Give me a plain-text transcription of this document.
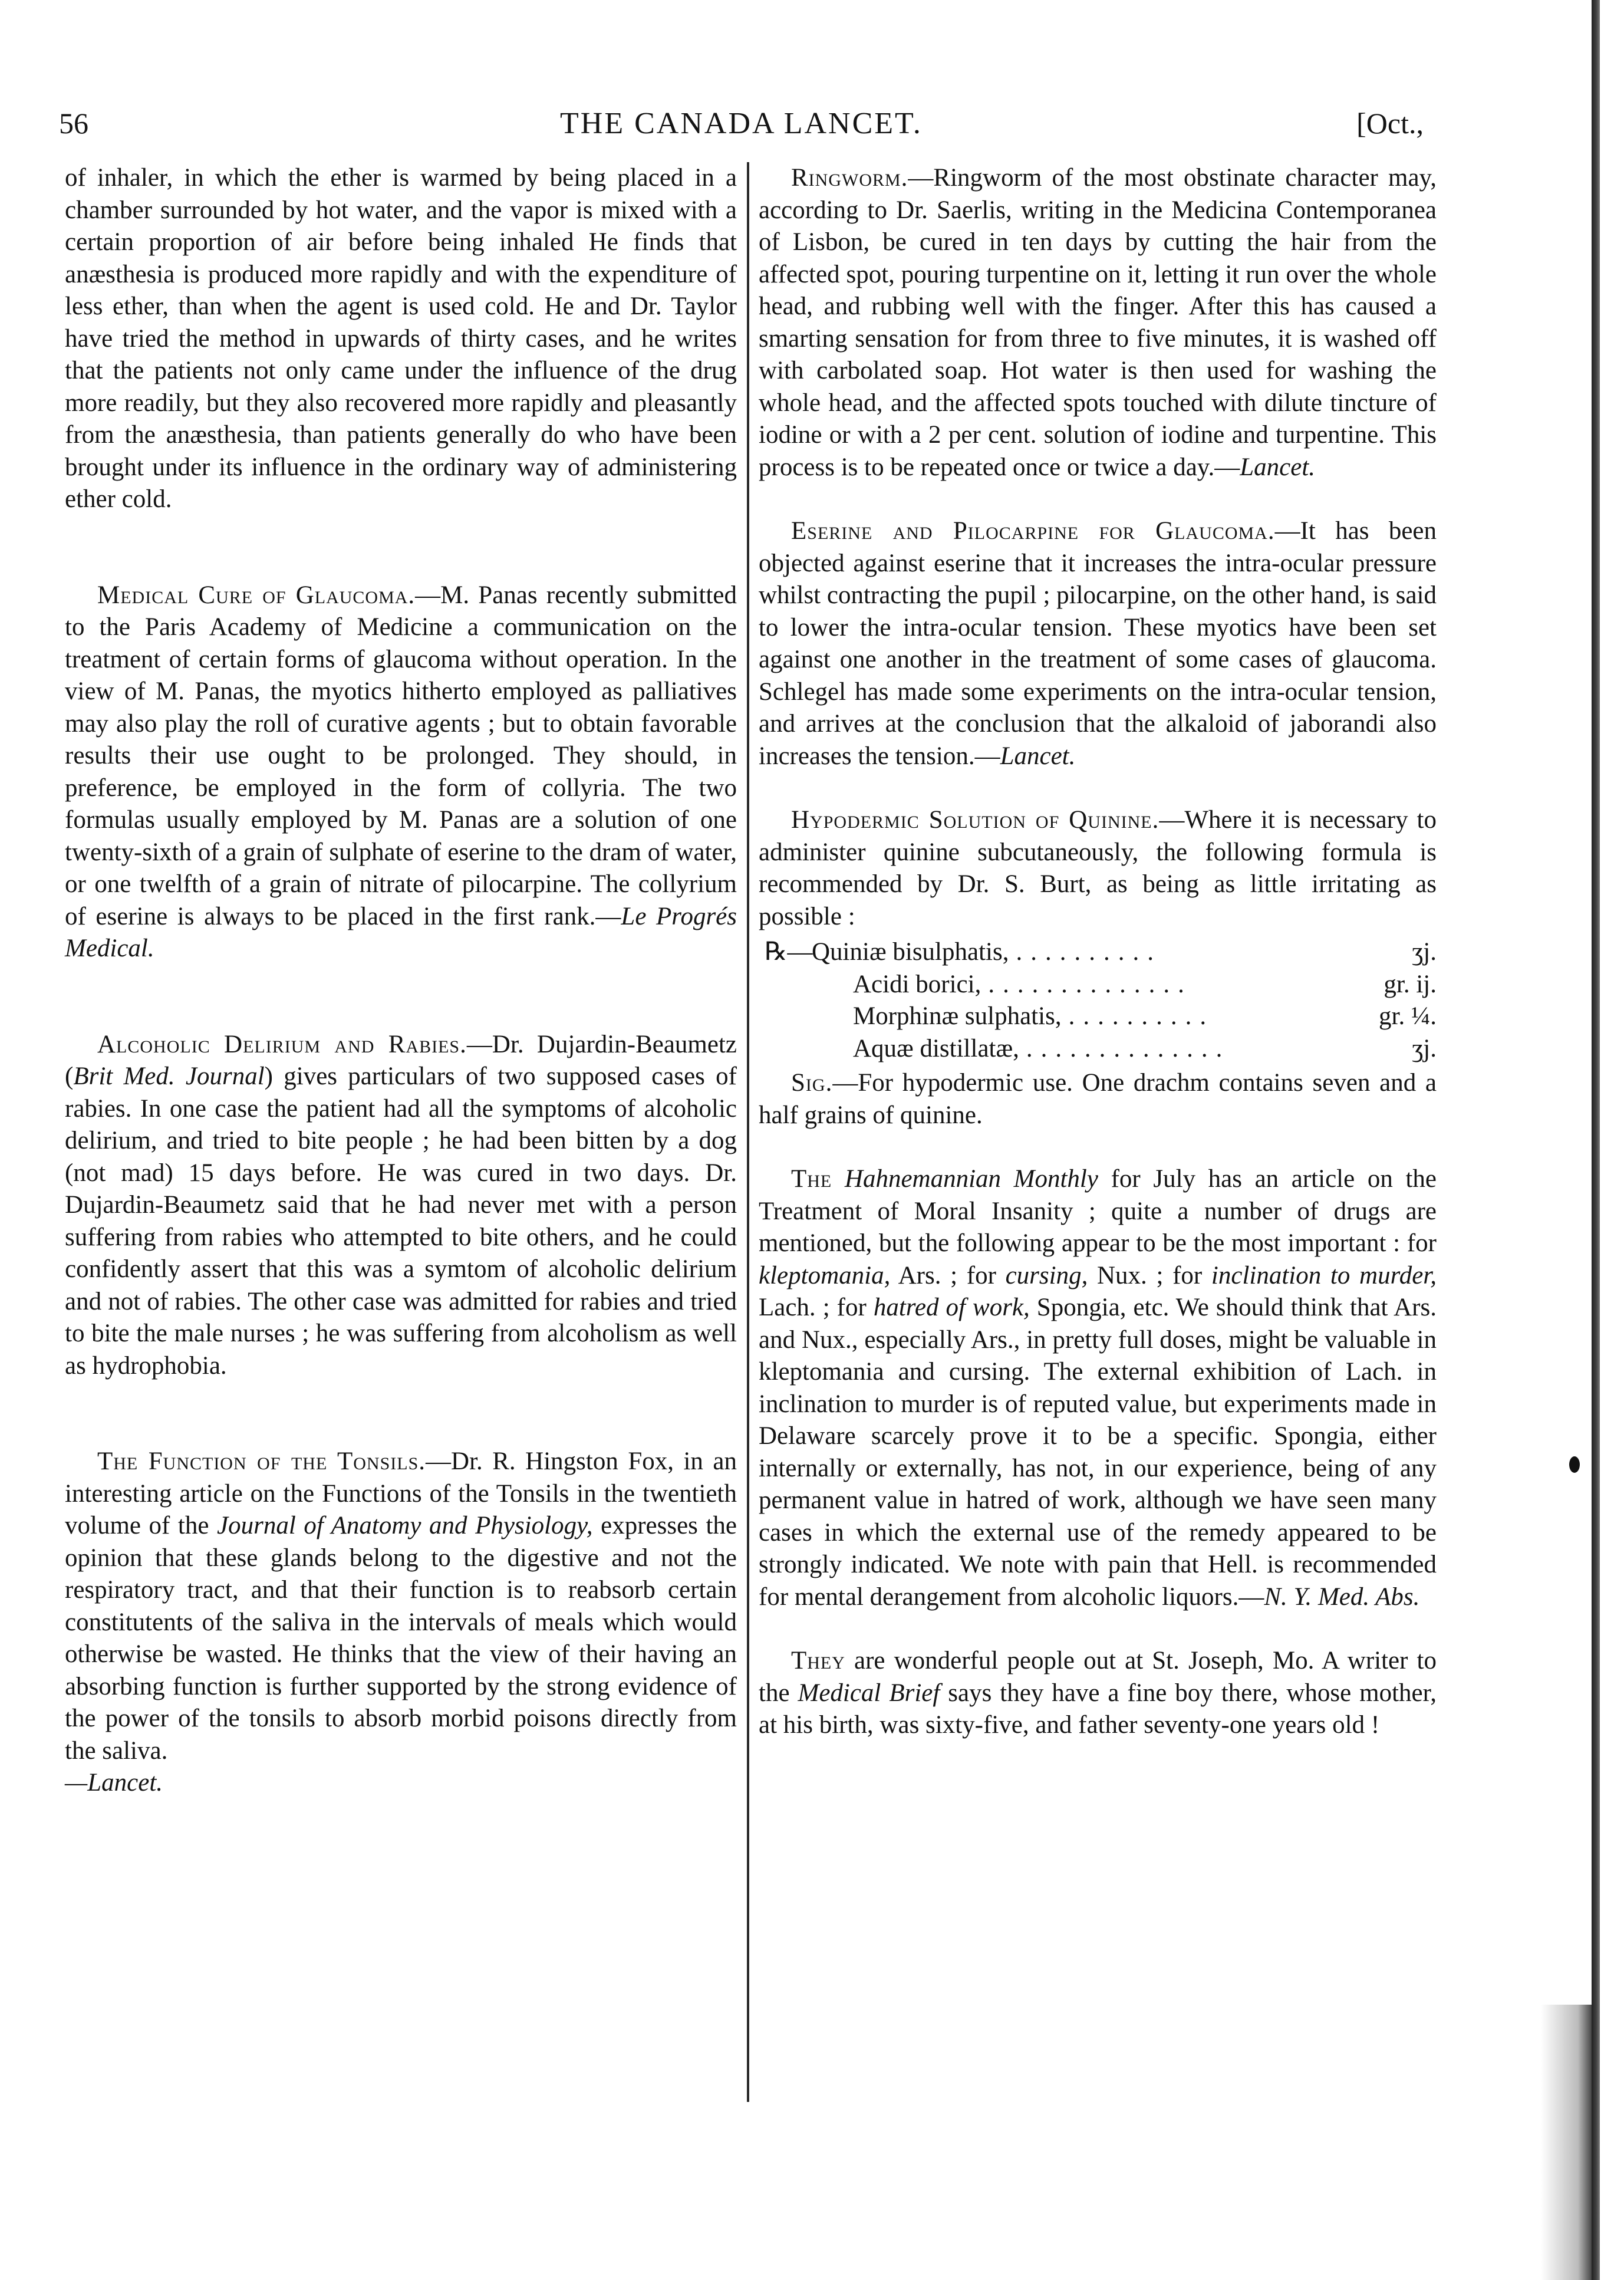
56	THE CANADA LANCET.	[Oct.,

of inhaler, in which the ether is warmed by being placed in a chamber surrounded by hot water, and the vapor is mixed with a certain proportion of air before being inhaled He finds that anæsthesia is produced more rapidly and with the expenditure of less ether, than when the agent is used cold. He and Dr. Taylor have tried the method in upwards of thirty cases, and he writes that the patients not only came under the influence of the drug more readily, but they also recovered more rapidly and pleasantly from the anæsthesia, than patients generally do who have been brought under its influence in the ordinary way of administering ether cold.

Medical Cure of Glaucoma.—M. Panas recently submitted to the Paris Academy of Medicine a communication on the treatment of certain forms of glaucoma without operation. In the view of M. Panas, the myotics hitherto employed as palliatives may also play the roll of curative agents ; but to obtain favorable results their use ought to be prolonged. They should, in preference, be employed in the form of collyria. The two formulas usually employed by M. Panas are a solution of one twenty-sixth of a grain of sulphate of eserine to the dram of water, or one twelfth of a grain of nitrate of pilocarpine. The collyrium of eserine is always to be placed in the first rank.—Le Progrés Medical.

Alcoholic Delirium and Rabies.—Dr. Dujardin-Beaumetz (Brit Med. Journal) gives particulars of two supposed cases of rabies. In one case the patient had all the symptoms of alcoholic delirium, and tried to bite people ; he had been bitten by a dog (not mad) 15 days before. He was cured in two days. Dr. Dujardin-Beaumetz said that he had never met with a person suffering from rabies who attempted to bite others, and he could confidently assert that this was a symtom of alcoholic delirium and not of rabies. The other case was admitted for rabies and tried to bite the male nurses ; he was suffering from alcoholism as well as hydrophobia.

The Function of the Tonsils.—Dr. R. Hingston Fox, in an interesting article on the Functions of the Tonsils in the twentieth volume of the Journal of Anatomy and Physiology, expresses the opinion that these glands belong to the digestive and not the respiratory tract, and that their function is to reabsorb certain constitutents of the saliva in the intervals of meals which would otherwise be wasted. He thinks that the view of their having an absorbing function is further supported by the strong evidence of the power of the tonsils to absorb morbid poisons directly from the saliva.
—Lancet.

Ringworm.—Ringworm of the most obstinate character may, according to Dr. Saerlis, writing in the Medicina Contemporanea of Lisbon, be cured in ten days by cutting the hair from the affected spot, pouring turpentine on it, letting it run over the whole head, and rubbing well with the finger. After this has caused a smarting sensation for from three to five minutes, it is washed off with carbolated soap. Hot water is then used for washing the whole head, and the affected spots touched with dilute tincture of iodine or with a 2 per cent. solution of iodine and turpentine. This process is to be repeated once or twice a day.—Lancet.

Eserine and Pilocarpine for Glaucoma.—It has been objected against eserine that it increases the intra-ocular pressure whilst contracting the pupil ; pilocarpine, on the other hand, is said to lower the intra-ocular tension. These myotics have been set against one another in the treatment of some cases of glaucoma. Schlegel has made some experiments on the intra-ocular tension, and arrives at the conclusion that the alkaloid of jaborandi also increases the tension.—Lancet.

Hypodermic Solution of Quinine.—Where it is necessary to administer quinine subcutaneously, the following formula is recommended by Dr. S. Burt, as being as little irritating as possible :

℞—
Quiniæ bisulphatis, ..........	ʒj.
Acidi borici, ..............	gr. ij.
Morphinæ sulphatis, ..........	gr. ¼.
Aquæ distillatæ, ..............	ʒj.

Sig.—For hypodermic use. One drachm contains seven and a half grains of quinine.

The Hahnemannian Monthly for July has an article on the Treatment of Moral Insanity ; quite a number of drugs are mentioned, but the following appear to be the most important : for kleptomania, Ars. ; for cursing, Nux. ; for inclination to murder, Lach. ; for hatred of work, Spongia, etc. We should think that Ars. and Nux., especially Ars., in pretty full doses, might be valuable in kleptomania and cursing. The external exhibition of Lach. in inclination to murder is of reputed value, but experiments made in Delaware scarcely prove it to be a specific. Spongia, either internally or externally, has not, in our experience, being of any permanent value in hatred of work, although we have seen many cases in which the external use of the remedy appeared to be strongly indicated. We note with pain that Hell. is recommended for mental derangement from alcoholic liquors.—N. Y. Med. Abs.

They are wonderful people out at St. Joseph, Mo. A writer to the Medical Brief says they have a fine boy there, whose mother, at his birth, was sixty-five, and father seventy-one years old !
